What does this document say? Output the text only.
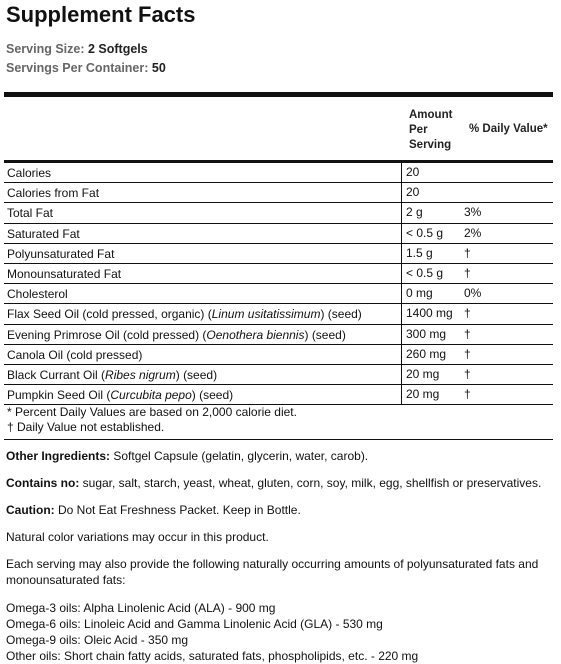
Supplement Facts
Serving Size: 2 Softgels
Servings Per Container: 50
Amount Per Serving
% Daily Value*
Calories	20
Calories from Fat	20
Total Fat	2 g	3%
Saturated Fat	< 0.5 g	2%
Polyunsaturated Fat	1.5 g	†
Monounsaturated Fat	< 0.5 g	†
Cholesterol	0 mg	0%
Flax Seed Oil (cold pressed, organic) (Linum usitatissimum) (seed)	1400 mg †
Evening Primrose Oil (cold pressed) (Oenothera biennis) (seed)	300 mg	†
Canola Oil (cold pressed)	260 mg	†
Black Currant Oil (Ribes nigrum) (seed)	20 mg	†
Pumpkin Seed Oil (Curcubita pepo) (seed)	20 mg	†
* Percent Daily Values are based on 2,000 calorie diet.
† Daily Value not established.
Other Ingredients: Softgel Capsule (gelatin, glycerin, water, carob).
Contains no: sugar, salt, starch, yeast, wheat, gluten, corn, soy, milk, egg, shellfish or preservatives.
Caution: Do Not Eat Freshness Packet. Keep in Bottle.
Natural color variations may occur in this product.
Each serving may also provide the following naturally occurring amounts of polyunsaturated fats and monounsaturated fats:
Omega-3 oils: Alpha Linolenic Acid (ALA) - 900 mg
Omega-6 oils: Linoleic Acid and Gamma Linolenic Acid (GLA) - 530 mg
Omega-9 oils: Oleic Acid - 350 mg
Other oils: Short chain fatty acids, saturated fats, phospholipids, etc. - 220 mg
